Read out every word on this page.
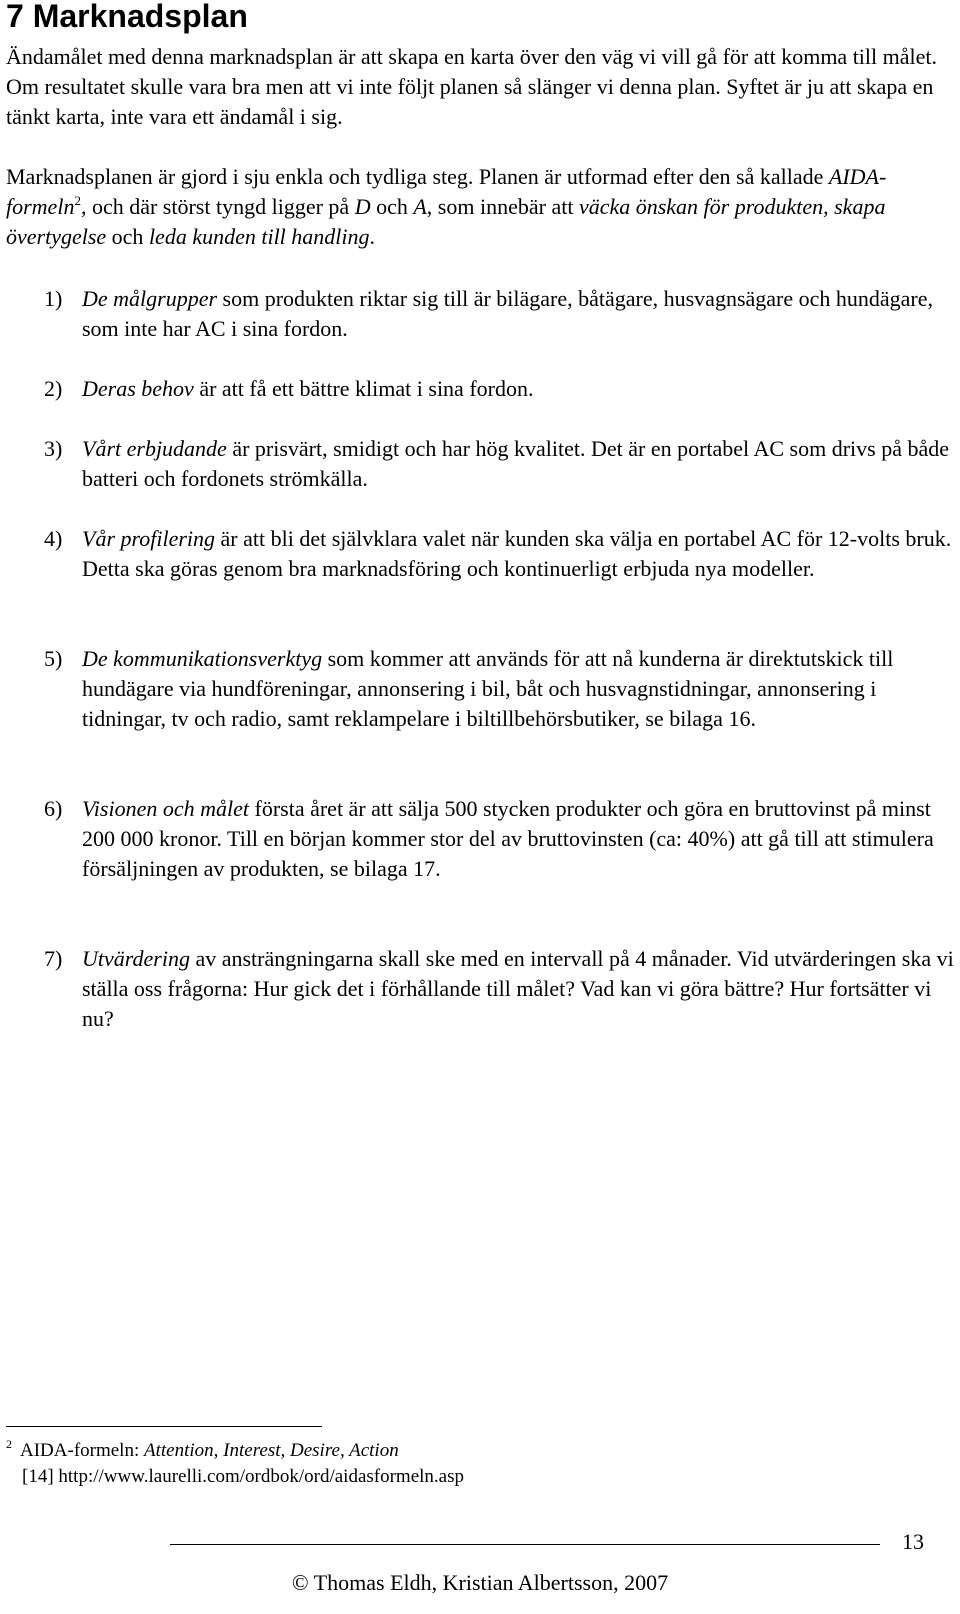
7 Marknadsplan

Ändamålet med denna marknadsplan är att skapa en karta över den väg vi vill gå för att komma till målet. Om resultatet skulle vara bra men att vi inte följt planen så slänger vi denna plan. Syftet är ju att skapa en tänkt karta, inte vara ett ändamål i sig.

Marknadsplanen är gjord i sju enkla och tydliga steg. Planen är utformad efter den så kallade AIDA-formeln$^2$, och där störst tyngd ligger på D och A, som innebär att väcka önskan för produkten, skapa övertygelse och leda kunden till handling.

1) De målgrupper som produkten riktar sig till är bilägare, båtägare, husvagnsägare och hundägare, som inte har AC i sina fordon.
2) Deras behov är att få ett bättre klimat i sina fordon.
3) Vårt erbjudande är prisvärt, smidigt och har hög kvalitet. Det är en portabel AC som drivs på både batteri och fordonets strömkälla.
4) Vår profilering är att bli det självklara valet när kunden ska välja en portabel AC för 12-volts bruk. Detta ska göras genom bra marknadsföring och kontinuerligt erbjuda nya modeller.
5) De kommunikationsverktyg som kommer att används för att nå kunderna är direktutskick till hundägare via hundföreningar, annonsering i bil, båt och husvagnstidningar, annonsering i tidningar, tv och radio, samt reklampelare i biltillbehörsbutiker, se bilaga 16.
6) Visionen och målet första året är att sälja 500 stycken produkter och göra en bruttovinst på minst 200 000 kronor. Till en början kommer stor del av bruttovinsten (ca: 40%) att gå till att stimulera försäljningen av produkten, se bilaga 17.
7) Utvärdering av ansträngningarna skall ske med en intervall på 4 månader. Vid utvärderingen ska vi ställa oss frågorna: Hur gick det i förhållande till målet? Vad kan vi göra bättre? Hur fortsätter vi nu?
$^2$ AIDA-formeln: Attention, Interest, Desire, Action
[14] http://www.laurelli.com/ordbok/ord/aidasformeln.asp
13
© Thomas Eldh, Kristian Albertsson, 2007
